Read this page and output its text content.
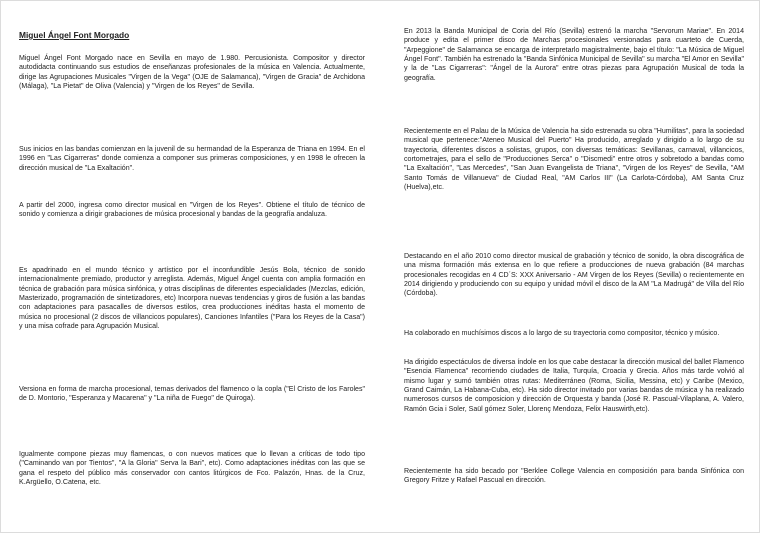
Miguel Ángel Font Morgado

Miguel Ángel Font Morgado nace en Sevilla en mayo de 1.980. Percusionista. Compositor y director autodidacta continuando sus estudios de enseñanzas profesionales de la música en Valencia. Actualmente, dirige las Agrupaciones Musicales "Virgen de la Vega" (OJE de Salamanca), "Virgen de Gracia" de Archidona (Málaga), "La Pietat" de Oliva (Valencia) y "Virgen de los Reyes" de Sevilla.

Sus inicios en las bandas comienzan en la juvenil de su hermandad de la Esperanza de Triana en 1994. En el 1996 en "Las Cigarreras" donde comienza a componer sus primeras composiciones, y en 1998 le ofrecen la dirección musical de "La Exaltación".

A partir del 2000, ingresa como director musical en "Virgen de los Reyes". Obtiene el título de técnico de sonido y comienza a dirigir grabaciones de música procesional y bandas de la geografía andaluza.

Es apadrinado en el mundo técnico y artístico por el inconfundible Jesús Bola, técnico de sonido internacionalmente premiado, productor y arreglista. Además, Miguel Ángel cuenta con amplia formación en técnica de grabación para música sinfónica, y otras disciplinas de diferentes especialidades (Mezclas, edición, Masterizado, programación de sintetizadores, etc) Incorpora nuevas tendencias y giros de fusión a las bandas con adaptaciones para pasacalles de diversos estilos, crea producciones inéditas hasta el momento de música no procesional (2 discos de villancicos populares), Canciones Infantiles ("Para los Reyes de la Casa") y una misa cofrade para Agrupación Musical.

Versiona en forma de marcha procesional, temas derivados del flamenco o la copla ("El Cristo de los Faroles" de D. Montorio, "Esperanza y Macarena" y "La niña de Fuego" de Quiroga).

Igualmente compone piezas muy flamencas, o con nuevos matices que lo llevan a críticas de todo tipo ("Caminando van por Tientos", "A la Gloria" Serva la Bari", etc). Como adaptaciones inéditas con las que se gana el respeto del público más conservador con cantos litúrgicos de Fco. Palazón, Hnas. de la Cruz, K.Argüello, O.Catena, etc.

En 2013 la Banda Municipal de Coria del Río (Sevilla) estrenó la marcha "Servorum Mariae". En 2014 produce y edita el primer disco de Marchas procesionales versionadas para cuarteto de Cuerda, "Arpeggione" de Salamanca se encarga de interpretarlo magistralmente, bajo el título: "La Música de Miguel Ángel Font". También ha estrenado la "Banda Sinfónica Municipal de Sevilla" su marcha "El Amor en Sevilla" y la de "Las Cigarreras": "Ángel de la Aurora" entre otras piezas para Agrupación Musical de toda la geografía.

Recientemente en el Palau de la Música de Valencia ha sido estrenada su obra "Humilitas", para la sociedad musical que pertenece:"Ateneo Musical del Puerto" Ha producido, arreglado y dirigido a lo largo de su trayectoria, diferentes discos a solistas, grupos, con diversas temáticas: Sevillanas, carnaval, villancicos, cortometrajes, para el sello de "Producciones Serca" o "Discmedi" entre otros y sobretodo a bandas como "La Exaltación", "Las Mercedes", "San Juan Evangelista de Triana", "Virgen de los Reyes" de Sevilla, "AM Santo Tomás de Villanueva" de Ciudad Real, "AM Carlos III" (La Carlota-Córdoba), AM Santa Cruz (Huelva),etc.

Destacando en el año 2010 como director musical de grabación y técnico de sonido, la obra discográfica de una misma formación más extensa en lo que refiere a producciones de nueva grabación (84 marchas procesionales recogidas en 4 CD´S: XXX Aniversario - AM Virgen de los Reyes (Sevilla) o recientemente en 2014 dirigiendo y produciendo con su equipo y unidad móvil el disco de la AM "La Madrugá" de Villa del Río (Córdoba).

Ha colaborado en muchísimos discos a lo largo de su trayectoria como compositor, técnico y músico.

Ha dirigido espectáculos de diversa índole en los que cabe destacar la dirección musical del ballet Flamenco "Esencia Flamenca" recorriendo ciudades de Italia, Turquía, Croacia y Grecia. Años más tarde volvió al mismo lugar y sumó también otras rutas: Mediterráneo (Roma, Sicilia, Messina, etc) y Caribe (Mexico, Grand Caimán, La Habana-Cuba, etc). Ha sido director invitado por varias bandas de música y ha realizado numerosos cursos de composicion y dirección de Orquesta y banda (José R. Pascual-Vilaplana, A. Valero, Ramón Gcia i Soler, Saül gómez Soler, Llorenç Mendoza, Felix Hauswirth,etc).

Recientemente ha sido becado por "Berklee College Valencia en composición para banda Sinfónica con Gregory Fritze y Rafael Pascual en dirección.
